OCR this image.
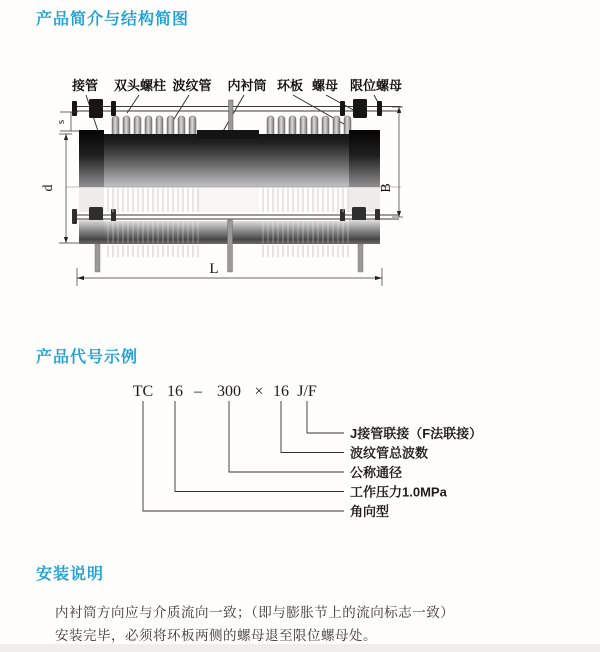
产品简介与结构简图
接管 双头螺柱 波纹管 内衬筒 环板 螺母 限位螺母
s
d	B
L
产品代号示例
TC 16 – 300 × 16 J/F
J接管联接（F法联接）
波纹管总波数
公称通径
工作压力1.0MPa
角向型
安装说明
内衬筒方向应与介质流向一致；（即与膨胀节上的流向标志一致）
安装完毕，必须将环板两侧的螺母退至限位螺母处。
